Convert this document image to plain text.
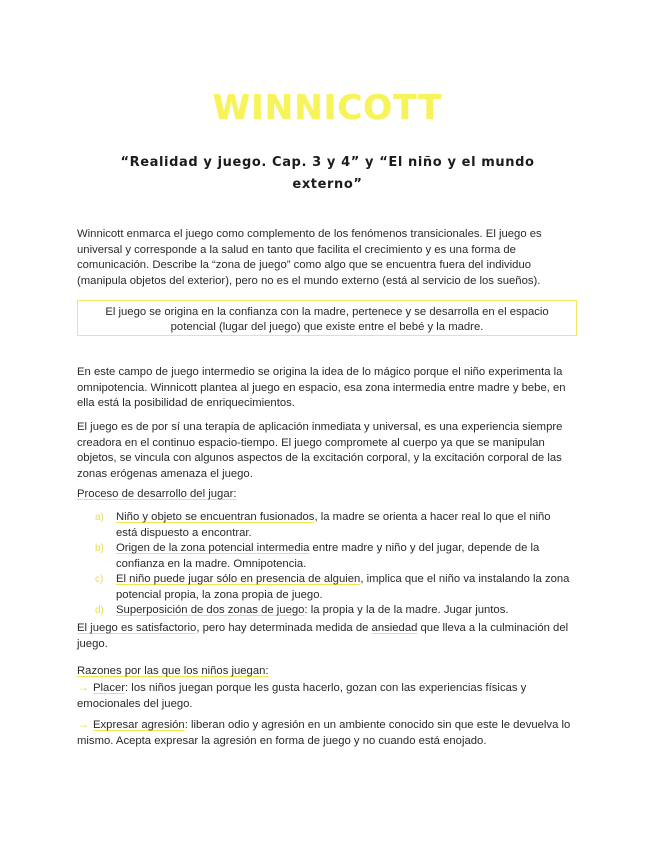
WINNICOTT
“Realidad y juego. Cap. 3 y 4” y “El niño y el mundo externo”

Winnicott enmarca el juego como complemento de los fenómenos transicionales. El juego es universal y corresponde a la salud en tanto que facilita el crecimiento y es una forma de comunicación. Describe la “zona de juego” como algo que se encuentra fuera del individuo (manipula objetos del exterior), pero no es el mundo externo (está al servicio de los sueños).

El juego se origina en la confianza con la madre, pertenece y se desarrolla en el espacio potencial (lugar del juego) que existe entre el bebé y la madre.

En este campo de juego intermedio se origina la idea de lo mágico porque el niño experimenta la omnipotencia. Winnicott plantea al juego en espacio, esa zona intermedia entre madre y bebe, en ella está la posibilidad de enriquecimientos.

El juego es de por sí una terapia de aplicación inmediata y universal, es una experiencia siempre creadora en el continuo espacio-tiempo. El juego compromete al cuerpo ya que se manipulan objetos, se vincula con algunos aspectos de la excitación corporal, y la excitación corporal de las zonas erógenas amenaza el juego.

Proceso de desarrollo del jugar:

a) Niño y objeto se encuentran fusionados, la madre se orienta a hacer real lo que el niño está dispuesto a encontrar.
b) Origen de la zona potencial intermedia entre madre y niño y del jugar, depende de la confianza en la madre. Omnipotencia.
c) El niño puede jugar sólo en presencia de alguien, implica que el niño va instalando la zona potencial propia, la zona propia de juego.
d) Superposición de dos zonas de juego: la propia y la de la madre. Jugar juntos.

El juego es satisfactorio, pero hay determinada medida de ansiedad que lleva a la culminación del juego.

Razones por las que los niños juegan:

→ Placer: los niños juegan porque les gusta hacerlo, gozan con las experiencias físicas y emocionales del juego.

→ Expresar agresión: liberan odio y agresión en un ambiente conocido sin que este le devuelva lo mismo. Acepta expresar la agresión en forma de juego y no cuando está enojado.
